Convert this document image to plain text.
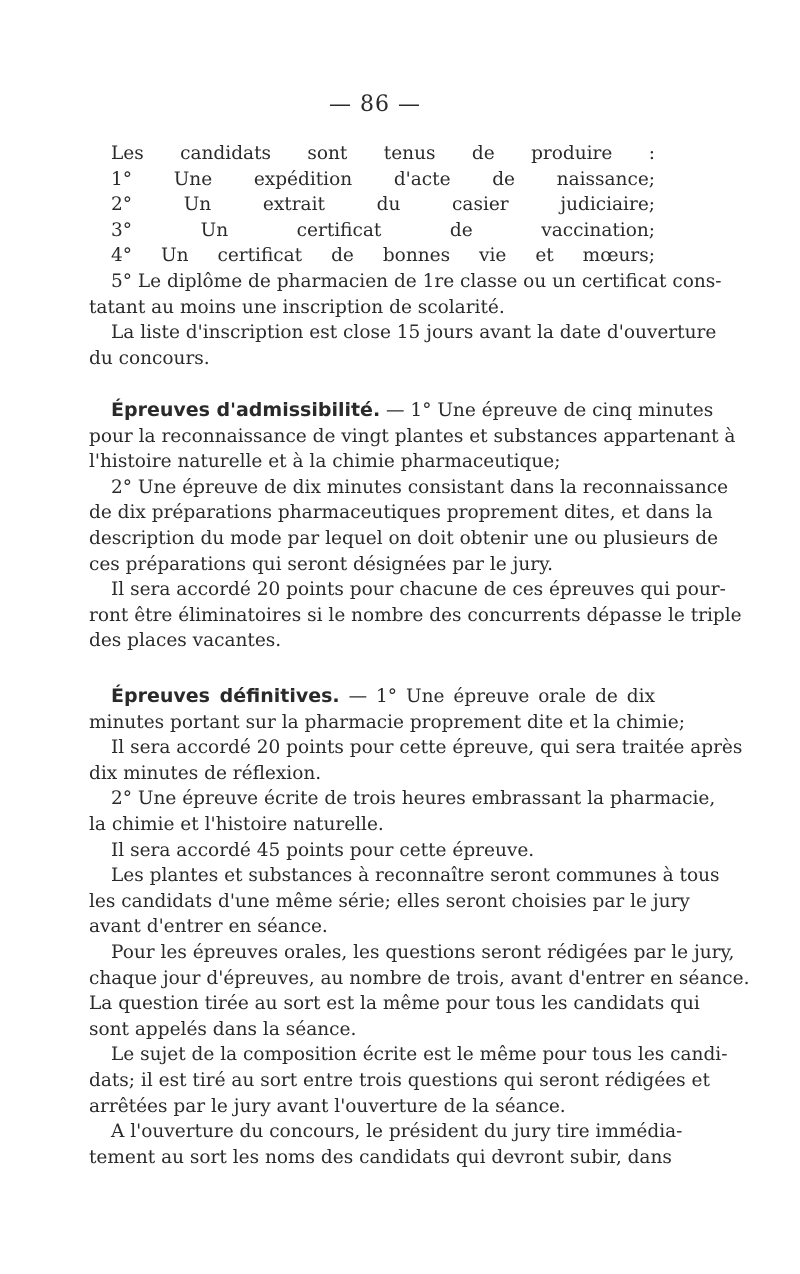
— 86 —
Les candidats sont tenus de produire :
1° Une expédition d'acte de naissance;
2° Un extrait du casier judiciaire;
3° Un certificat de vaccination;
4° Un certificat de bonnes vie et mœurs;
5° Le diplôme de pharmacien de 1re classe ou un certificat cons-
tatant au moins une inscription de scolarité.
La liste d'inscription est close 15 jours avant la date d'ouverture
du concours.
Épreuves d'admissibilité. — 1° Une épreuve de cinq minutes
pour la reconnaissance de vingt plantes et substances appartenant à
l'histoire naturelle et à la chimie pharmaceutique;
2° Une épreuve de dix minutes consistant dans la reconnaissance
de dix préparations pharmaceutiques proprement dites, et dans la
description du mode par lequel on doit obtenir une ou plusieurs de
ces préparations qui seront désignées par le jury.
Il sera accordé 20 points pour chacune de ces épreuves qui pour-
ront être éliminatoires si le nombre des concurrents dépasse le triple
des places vacantes.
Épreuves définitives. — 1° Une épreuve orale de dix
minutes portant sur la pharmacie proprement dite et la chimie;
Il sera accordé 20 points pour cette épreuve, qui sera traitée après
dix minutes de réflexion.
2° Une épreuve écrite de trois heures embrassant la pharmacie,
la chimie et l'histoire naturelle.
Il sera accordé 45 points pour cette épreuve.
Les plantes et substances à reconnaître seront communes à tous
les candidats d'une même série; elles seront choisies par le jury
avant d'entrer en séance.
Pour les épreuves orales, les questions seront rédigées par le jury,
chaque jour d'épreuves, au nombre de trois, avant d'entrer en séance.
La question tirée au sort est la même pour tous les candidats qui
sont appelés dans la séance.
Le sujet de la composition écrite est le même pour tous les candi-
dats; il est tiré au sort entre trois questions qui seront rédigées et
arrêtées par le jury avant l'ouverture de la séance.
A l'ouverture du concours, le président du jury tire immédia-
tement au sort les noms des candidats qui devront subir, dans
